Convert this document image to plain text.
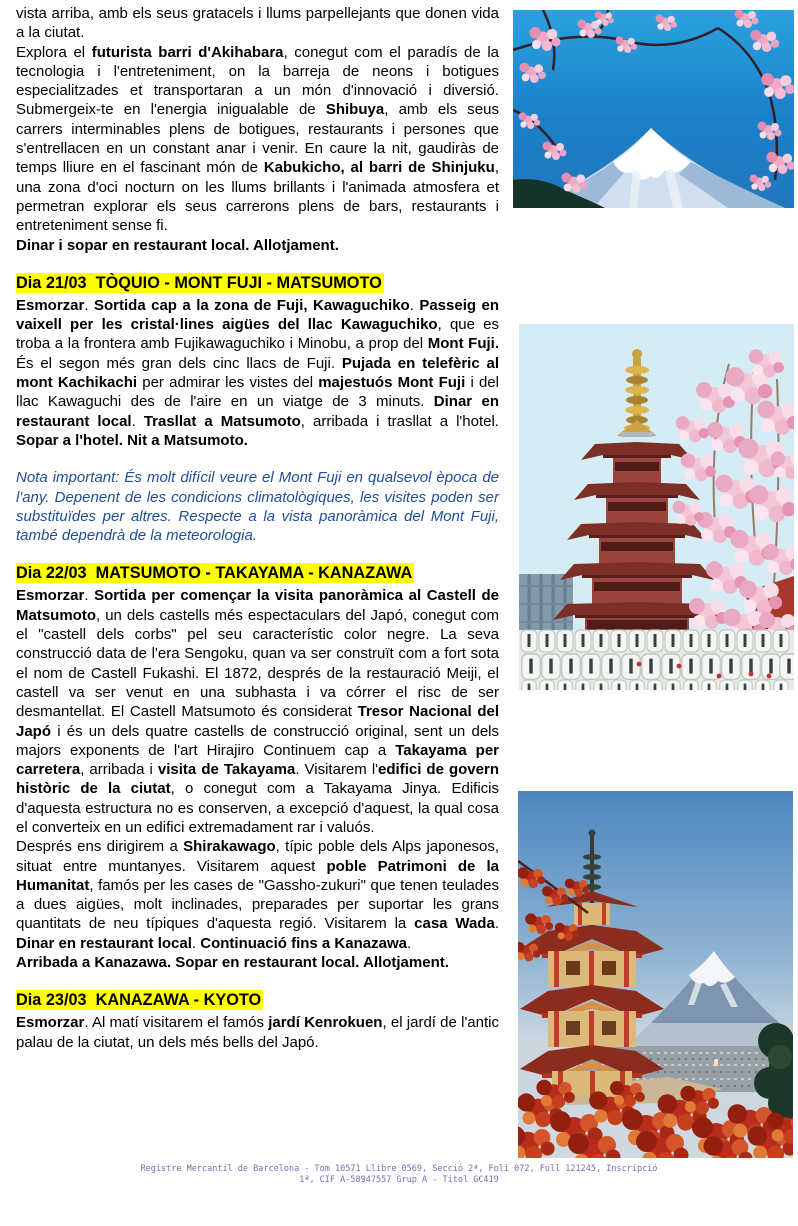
vista arriba, amb els seus gratacels i llums parpellejants que donen vida a la ciutat.

Explora el futurista barri d'Akihabara, conegut com el paradís de la tecnologia i l'entreteniment, on la barreja de neons i botigues especialitzades et transportaran a un món d'innovació i diversió. Submergeix-te en l'energia inigualable de Shibuya, amb els seus carrers interminables plens de botigues, restaurants i persones que s'entrellacen en un constant anar i venir. En caure la nit, gaudiràs de temps lliure en el fascinant món de Kabukicho, al barri de Shinjuku, una zona d'oci nocturn on les llums brillants i l'animada atmosfera et permetran explorar els seus carrerons plens de bars, restaurants i entreteniment sense fi.

Dinar i sopar en restaurant local. Allotjament.

Dia 21/03  TÒQUIO - MONT FUJI - MATSUMOTO

Esmorzar. Sortida cap a la zona de Fuji, Kawaguchiko. Passeig en vaixell per les cristal·lines aigües del llac Kawaguchiko, que es troba a la frontera amb Fujikawaguchiko i Minobu, a prop del Mont Fuji. És el segon més gran dels cinc llacs de Fuji. Pujada en telefèric al mont Kachikachi per admirar les vistes del majestuós Mont Fuji i del llac Kawaguchi des de l'aire en un viatge de 3 minuts. Dinar en restaurant local. Trasllat a Matsumoto, arribada i trasllat a l'hotel. Sopar a l'hotel. Nit a Matsumoto.

Nota important: És molt difícil veure el Mont Fuji en qualsevol època de l'any. Depenent de les condicions climatològiques, les visites poden ser substituïdes per altres. Respecte a la vista panoràmica del Mont Fuji, també dependrà de la meteorologia.

Dia 22/03  MATSUMOTO - TAKAYAMA - KANAZAWA

Esmorzar. Sortida per començar la visita panoràmica al Castell de Matsumoto, un dels castells més espectaculars del Japó, conegut com el "castell dels corbs" pel seu característic color negre. La seva construcció data de l'era Sengoku, quan va ser construït com a fort sota el nom de Castell Fukashi. El 1872, després de la restauració Meiji, el castell va ser venut en una subhasta i va córrer el risc de ser desmantellat. El Castell Matsumoto és considerat Tresor Nacional del Japó i és un dels quatre castells de construcció original, sent un dels majors exponents de l'art Hirajiro Continuem cap a Takayama per carretera, arribada i visita de Takayama. Visitarem l'edifici de govern històric de la ciutat, o conegut com a Takayama Jinya. Edificis d'aquesta estructura no es conserven, a excepció d'aquest, la qual cosa el converteix en un edifici extremadament rar i valuós.

Després ens dirigirem a Shirakawago, típic poble dels Alps japonesos, situat entre muntanyes. Visitarem aquest poble Patrimoni de la Humanitat, famós per les cases de "Gassho-zukuri" que tenen teulades a dues aigües, molt inclinades, preparades per suportar les grans quantitats de neu típiques d'aquesta regió. Visitarem la casa Wada. Dinar en restaurant local. Continuació fins a Kanazawa.

Arribada a Kanazawa. Sopar en restaurant local. Allotjament.

Dia 23/03  KANAZAWA - KYOTO

Esmorzar. Al matí visitarem el famós jardí Kenrokuen, el jardí de l'antic palau de la ciutat, un dels més bells del Japó.

Registre Mercantil de Barcelona - Tom 10571 Llibre 0569, Secció 2ª, Foli 072, Full 121245, Inscripció
1ª, CIF A-58947557 Grup A - Títol GC419
